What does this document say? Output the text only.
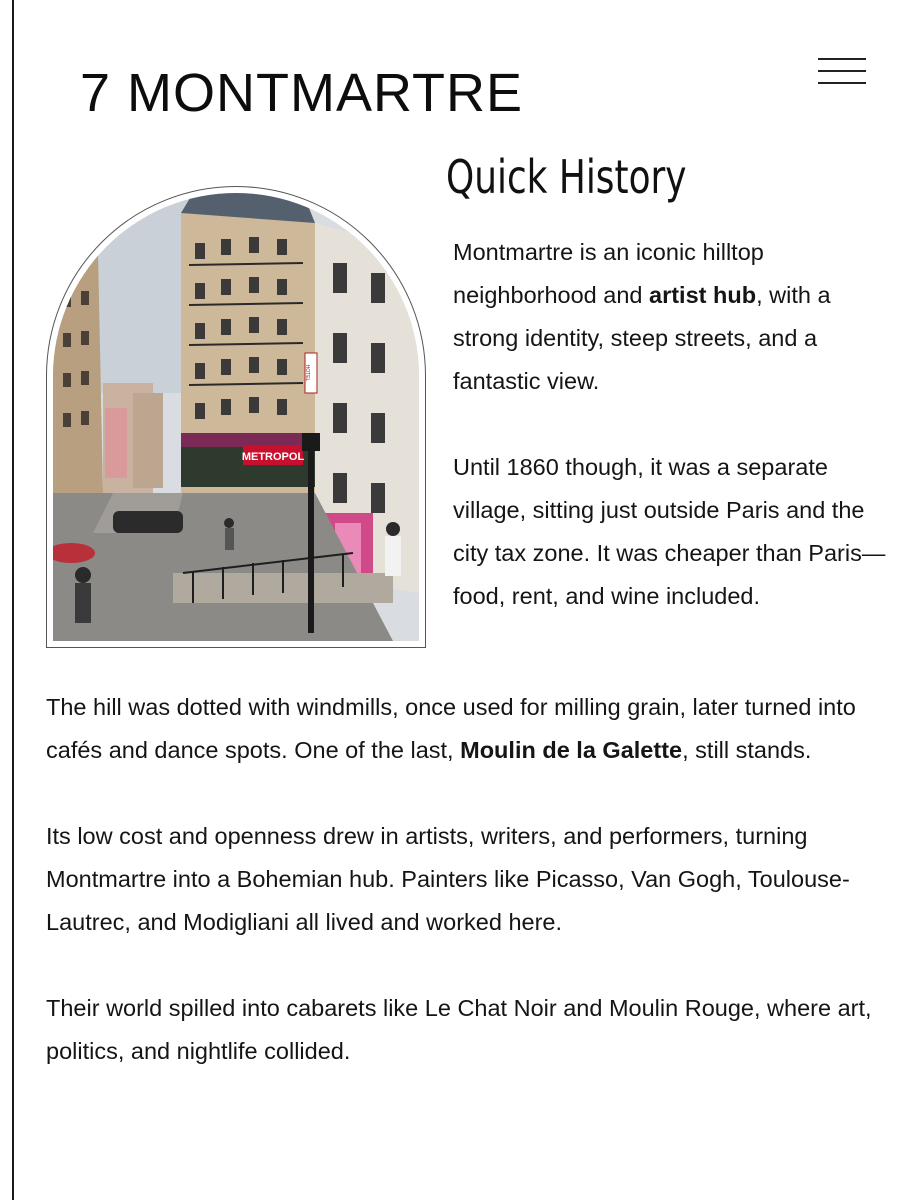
7 MONTMARTRE
METROPOL
HOTEL
Quick History

Montmartre is an iconic hilltop neighborhood and artist hub, with a strong identity, steep streets, and a fantastic view.

Until 1860 though, it was a separate village, sitting just outside Paris and the city tax zone. It was cheaper than Paris—food, rent, and wine included.

The hill was dotted with windmills, once used for milling grain, later turned into cafés and dance spots. One of the last, Moulin de la Galette, still stands.

Its low cost and openness drew in artists, writers, and performers, turning Montmartre into a Bohemian hub. Painters like Picasso, Van Gogh, Toulouse-Lautrec, and Modigliani all lived and worked here.

Their world spilled into cabarets like Le Chat Noir and Moulin Rouge, where art, politics, and nightlife collided.
